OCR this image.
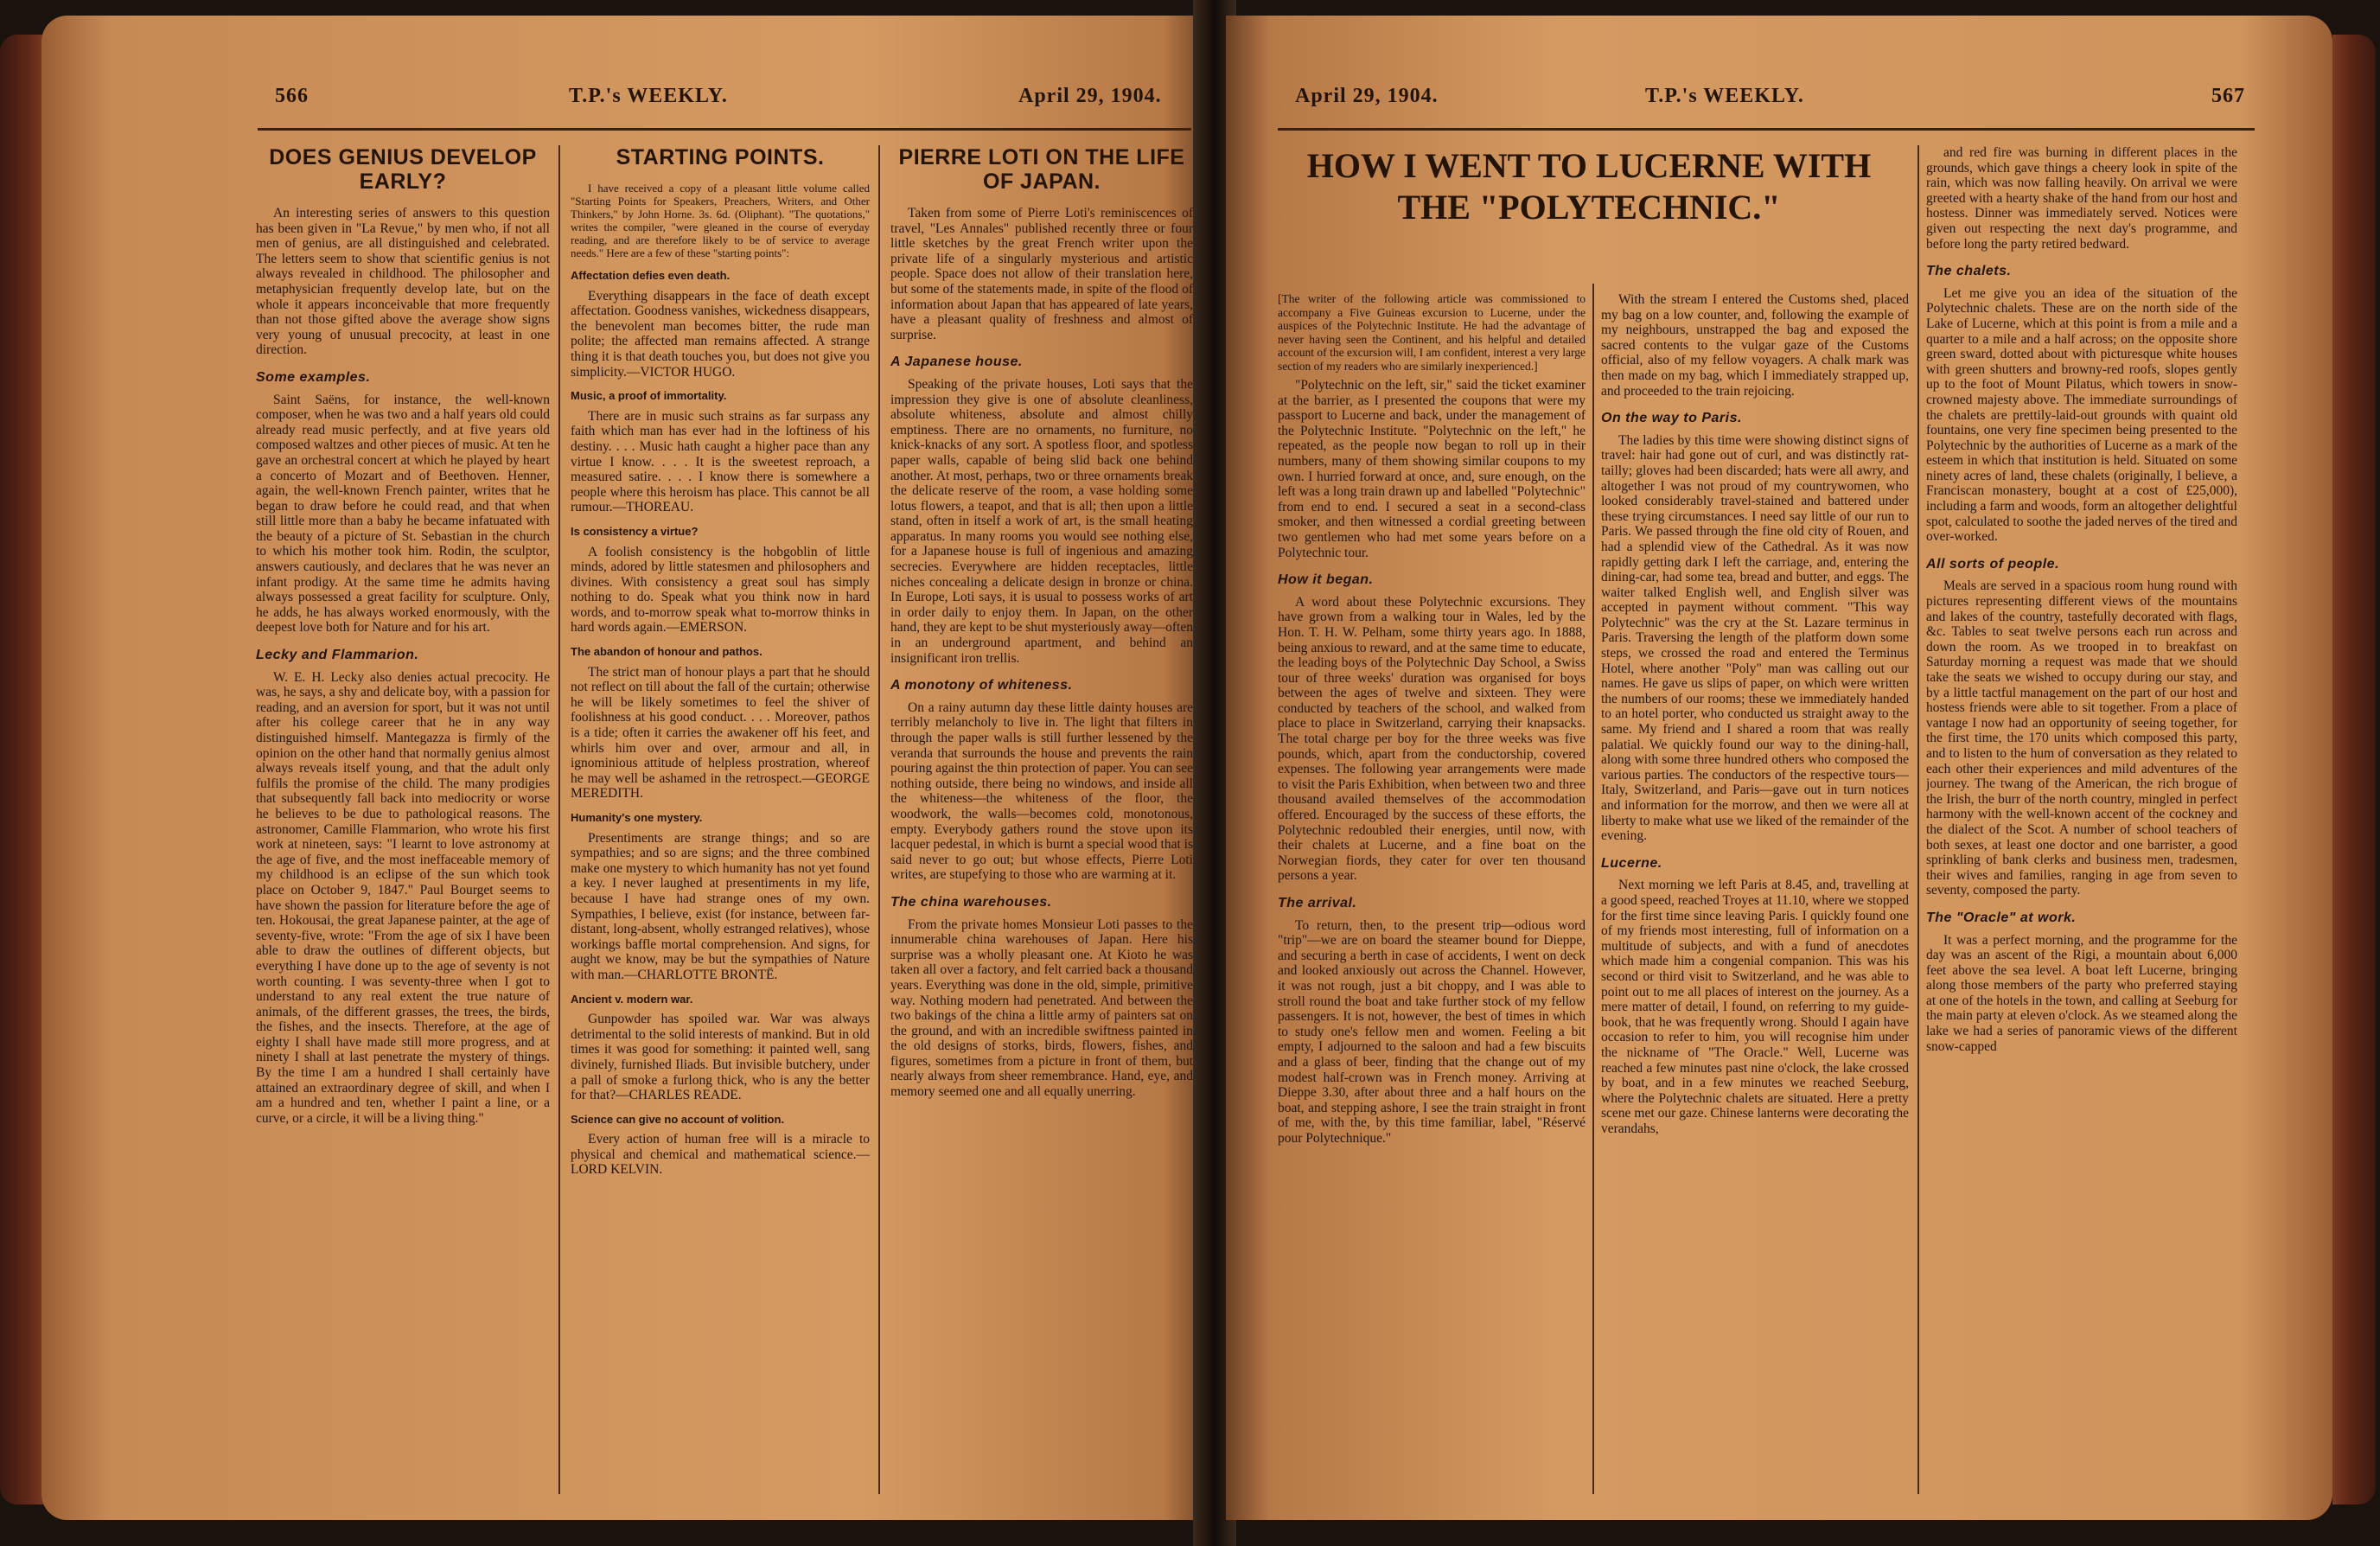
566	T.P.'s WEEKLY.	April 29, 1904.
DOES GENIUS DEVELOP EARLY?

An interesting series of answers to this question has been given in "La Revue," by men who, if not all men of genius, are all distinguished and celebrated. The letters seem to show that scientific genius is not always revealed in childhood. The philosopher and metaphysician frequently develop late, but on the whole it appears inconceivable that more frequently than not those gifted above the average show signs very young of unusual precocity, at least in one direction.

Some examples.

Saint Saëns, for instance, the well-known composer, when he was two and a half years old could already read music perfectly, and at five years old composed waltzes and other pieces of music. At ten he gave an orchestral concert at which he played by heart a concerto of Mozart and of Beethoven. Henner, again, the well-known French painter, writes that he began to draw before he could read, and that when still little more than a baby he became infatuated with the beauty of a picture of St. Sebastian in the church to which his mother took him. Rodin, the sculptor, answers cautiously, and declares that he was never an infant prodigy. At the same time he admits having always possessed a great facility for sculpture. Only, he adds, he has always worked enormously, with the deepest love both for Nature and for his art.

Lecky and Flammarion.

W. E. H. Lecky also denies actual precocity. He was, he says, a shy and delicate boy, with a passion for reading, and an aversion for sport, but it was not until after his college career that he in any way distinguished himself. Mantegazza is firmly of the opinion on the other hand that normally genius almost always reveals itself young, and that the adult only fulfils the promise of the child. The many prodigies that subsequently fall back into mediocrity or worse he believes to be due to pathological reasons. The astronomer, Camille Flammarion, who wrote his first work at nineteen, says: "I learnt to love astronomy at the age of five, and the most ineffaceable memory of my childhood is an eclipse of the sun which took place on October 9, 1847." Paul Bourget seems to have shown the passion for literature before the age of ten. Hokousai, the great Japanese painter, at the age of seventy-five, wrote: "From the age of six I have been able to draw the outlines of different objects, but everything I have done up to the age of seventy is not worth counting. I was seventy-three when I got to understand to any real extent the true nature of animals, of the different grasses, the trees, the birds, the fishes, and the insects. Therefore, at the age of eighty I shall have made still more progress, and at ninety I shall at last penetrate the mystery of things. By the time I am a hundred I shall certainly have attained an extraordinary degree of skill, and when I am a hundred and ten, whether I paint a line, or a curve, or a circle, it will be a living thing."

STARTING POINTS.

I have received a copy of a pleasant little volume called "Starting Points for Speakers, Preachers, Writers, and Other Thinkers," by John Horne. 3s. 6d. (Oliphant). "The quotations," writes the compiler, "were gleaned in the course of everyday reading, and are therefore likely to be of service to average needs." Here are a few of these "starting points":

Affectation defies even death.

Everything disappears in the face of death except affectation. Goodness vanishes, wickedness disappears, the benevolent man becomes bitter, the rude man polite; the affected man remains affected. A strange thing it is that death touches you, but does not give you simplicity.—VICTOR HUGO.

Music, a proof of immortality.

There are in music such strains as far surpass any faith which man has ever had in the loftiness of his destiny. . . . Music hath caught a higher pace than any virtue I know. . . . It is the sweetest reproach, a measured satire. . . . I know there is somewhere a people where this heroism has place. This cannot be all rumour.—THOREAU.

Is consistency a virtue?

A foolish consistency is the hobgoblin of little minds, adored by little statesmen and philosophers and divines. With consistency a great soul has simply nothing to do. Speak what you think now in hard words, and to-morrow speak what to-morrow thinks in hard words again.—EMERSON.

The abandon of honour and pathos.

The strict man of honour plays a part that he should not reflect on till about the fall of the curtain; otherwise he will be likely sometimes to feel the shiver of foolishness at his good conduct. . . . Moreover, pathos is a tide; often it carries the awakener off his feet, and whirls him over and over, armour and all, in ignominious attitude of helpless prostration, whereof he may well be ashamed in the retrospect.—GEORGE MEREDITH.

Humanity's one mystery.

Presentiments are strange things; and so are sympathies; and so are signs; and the three combined make one mystery to which humanity has not yet found a key. I never laughed at presentiments in my life, because I have had strange ones of my own. Sympathies, I believe, exist (for instance, between far-distant, long-absent, wholly estranged relatives), whose workings baffle mortal comprehension. And signs, for aught we know, may be but the sympathies of Nature with man.—CHARLOTTE BRONTË.

Ancient v. modern war.

Gunpowder has spoiled war. War was always detrimental to the solid interests of mankind. But in old times it was good for something: it painted well, sang divinely, furnished Iliads. But invisible butchery, under a pall of smoke a furlong thick, who is any the better for that?—CHARLES READE.

Science can give no account of volition.

Every action of human free will is a miracle to physical and chemical and mathematical science.—LORD KELVIN.

PIERRE LOTI ON THE LIFE OF JAPAN.

Taken from some of Pierre Loti's reminiscences of travel, "Les Annales" published recently three or four little sketches by the great French writer upon the private life of a singularly mysterious and artistic people. Space does not allow of their translation here, but some of the statements made, in spite of the flood of information about Japan that has appeared of late years, have a pleasant quality of freshness and almost of surprise.

A Japanese house.

Speaking of the private houses, Loti says that the impression they give is one of absolute cleanliness, absolute whiteness, absolute and almost chilly emptiness. There are no ornaments, no furniture, no knick-knacks of any sort. A spotless floor, and spotless paper walls, capable of being slid back one behind another. At most, perhaps, two or three ornaments break the delicate reserve of the room, a vase holding some lotus flowers, a teapot, and that is all; then upon a little stand, often in itself a work of art, is the small heating apparatus. In many rooms you would see nothing else, for a Japanese house is full of ingenious and amazing secrecies. Everywhere are hidden receptacles, little niches concealing a delicate design in bronze or china. In Europe, Loti says, it is usual to possess works of art in order daily to enjoy them. In Japan, on the other hand, they are kept to be shut mysteriously away—often in an underground apartment, and behind an insignificant iron trellis.

A monotony of whiteness.

On a rainy autumn day these little dainty houses are terribly melancholy to live in. The light that filters in through the paper walls is still further lessened by the veranda that surrounds the house and prevents the rain pouring against the thin protection of paper. You can see nothing outside, there being no windows, and inside all the whiteness—the whiteness of the floor, the woodwork, the walls—becomes cold, monotonous, empty. Everybody gathers round the stove upon its lacquer pedestal, in which is burnt a special wood that is said never to go out; but whose effects, Pierre Loti writes, are stupefying to those who are warming at it.

The china warehouses.

From the private homes Monsieur Loti passes to the innumerable china warehouses of Japan. Here his surprise was a wholly pleasant one. At Kioto he was taken all over a factory, and felt carried back a thousand years. Everything was done in the old, simple, primitive way. Nothing modern had penetrated. And between the two bakings of the china a little army of painters sat on the ground, and with an incredible swiftness painted in the old designs of storks, birds, flowers, fishes, and figures, sometimes from a picture in front of them, but nearly always from sheer remembrance. Hand, eye, and memory seemed one and all equally unerring.

April 29, 1904.	T.P.'s WEEKLY.	567
HOW I WENT TO LUCERNE WITH THE "POLYTECHNIC."

[The writer of the following article was commissioned to accompany a Five Guineas excursion to Lucerne, under the auspices of the Polytechnic Institute. He had the advantage of never having seen the Continent, and his helpful and detailed account of the excursion will, I am confident, interest a very large section of my readers who are similarly inexperienced.]

"Polytechnic on the left, sir," said the ticket examiner at the barrier, as I presented the coupons that were my passport to Lucerne and back, under the management of the Polytechnic Institute. "Polytechnic on the left," he repeated, as the people now began to roll up in their numbers, many of them showing similar coupons to my own. I hurried forward at once, and, sure enough, on the left was a long train drawn up and labelled "Polytechnic" from end to end. I secured a seat in a second-class smoker, and then witnessed a cordial greeting between two gentlemen who had met some years before on a Polytechnic tour.

How it began.

A word about these Polytechnic excursions. They have grown from a walking tour in Wales, led by the Hon. T. H. W. Pelham, some thirty years ago. In 1888, being anxious to reward, and at the same time to educate, the leading boys of the Polytechnic Day School, a Swiss tour of three weeks' duration was organised for boys between the ages of twelve and sixteen. They were conducted by teachers of the school, and walked from place to place in Switzerland, carrying their knapsacks. The total charge per boy for the three weeks was five pounds, which, apart from the conductorship, covered expenses. The following year arrangements were made to visit the Paris Exhibition, when between two and three thousand availed themselves of the accommodation offered. Encouraged by the success of these efforts, the Polytechnic redoubled their energies, until now, with their chalets at Lucerne, and a fine boat on the Norwegian fiords, they cater for over ten thousand persons a year.

The arrival.

To return, then, to the present trip—odious word "trip"—we are on board the steamer bound for Dieppe, and securing a berth in case of accidents, I went on deck and looked anxiously out across the Channel. However, it was not rough, just a bit choppy, and I was able to stroll round the boat and take further stock of my fellow passengers. It is not, however, the best of times in which to study one's fellow men and women. Feeling a bit empty, I adjourned to the saloon and had a few biscuits and a glass of beer, finding that the change out of my modest half-crown was in French money. Arriving at Dieppe 3.30, after about three and a half hours on the boat, and stepping ashore, I see the train straight in front of me, with the, by this time familiar, label, "Réservé pour Polytechnique."

With the stream I entered the Customs shed, placed my bag on a low counter, and, following the example of my neighbours, unstrapped the bag and exposed the sacred contents to the vulgar gaze of the Customs official, also of my fellow voyagers. A chalk mark was then made on my bag, which I immediately strapped up, and proceeded to the train rejoicing.

On the way to Paris.

The ladies by this time were showing distinct signs of travel: hair had gone out of curl, and was distinctly rat-tailly; gloves had been discarded; hats were all awry, and altogether I was not proud of my countrywomen, who looked considerably travel-stained and battered under these trying circumstances. I need say little of our run to Paris. We passed through the fine old city of Rouen, and had a splendid view of the Cathedral. As it was now rapidly getting dark I left the carriage, and, entering the dining-car, had some tea, bread and butter, and eggs. The waiter talked English well, and English silver was accepted in payment without comment. "This way Polytechnic" was the cry at the St. Lazare terminus in Paris. Traversing the length of the platform down some steps, we crossed the road and entered the Terminus Hotel, where another "Poly" man was calling out our names. He gave us slips of paper, on which were written the numbers of our rooms; these we immediately handed to an hotel porter, who conducted us straight away to the same. My friend and I shared a room that was really palatial. We quickly found our way to the dining-hall, along with some three hundred others who composed the various parties. The conductors of the respective tours—Italy, Switzerland, and Paris—gave out in turn notices and information for the morrow, and then we were all at liberty to make what use we liked of the remainder of the evening.

Lucerne.

Next morning we left Paris at 8.45, and, travelling at a good speed, reached Troyes at 11.10, where we stopped for the first time since leaving Paris. I quickly found one of my friends most interesting, full of information on a multitude of subjects, and with a fund of anecdotes which made him a congenial companion. This was his second or third visit to Switzerland, and he was able to point out to me all places of interest on the journey. As a mere matter of detail, I found, on referring to my guide-book, that he was frequently wrong. Should I again have occasion to refer to him, you will recognise him under the nickname of "The Oracle." Well, Lucerne was reached a few minutes past nine o'clock, the lake crossed by boat, and in a few minutes we reached Seeburg, where the Polytechnic chalets are situated. Here a pretty scene met our gaze. Chinese lanterns were decorating the verandahs,

and red fire was burning in different places in the grounds, which gave things a cheery look in spite of the rain, which was now falling heavily. On arrival we were greeted with a hearty shake of the hand from our host and hostess. Dinner was immediately served. Notices were given out respecting the next day's programme, and before long the party retired bedward.

The chalets.

Let me give you an idea of the situation of the Polytechnic chalets. These are on the north side of the Lake of Lucerne, which at this point is from a mile and a quarter to a mile and a half across; on the opposite shore green sward, dotted about with picturesque white houses with green shutters and browny-red roofs, slopes gently up to the foot of Mount Pilatus, which towers in snow-crowned majesty above. The immediate surroundings of the chalets are prettily-laid-out grounds with quaint old fountains, one very fine specimen being presented to the Polytechnic by the authorities of Lucerne as a mark of the esteem in which that institution is held. Situated on some ninety acres of land, these chalets (originally, I believe, a Franciscan monastery, bought at a cost of £25,000), including a farm and woods, form an altogether delightful spot, calculated to soothe the jaded nerves of the tired and over-worked.

All sorts of people.

Meals are served in a spacious room hung round with pictures representing different views of the mountains and lakes of the country, tastefully decorated with flags, &c. Tables to seat twelve persons each run across and down the room. As we trooped in to breakfast on Saturday morning a request was made that we should take the seats we wished to occupy during our stay, and by a little tactful management on the part of our host and hostess friends were able to sit together. From a place of vantage I now had an opportunity of seeing together, for the first time, the 170 units which composed this party, and to listen to the hum of conversation as they related to each other their experiences and mild adventures of the journey. The twang of the American, the rich brogue of the Irish, the burr of the north country, mingled in perfect harmony with the well-known accent of the cockney and the dialect of the Scot. A number of school teachers of both sexes, at least one doctor and one barrister, a good sprinkling of bank clerks and business men, tradesmen, their wives and families, ranging in age from seven to seventy, composed the party.

The "Oracle" at work.

It was a perfect morning, and the programme for the day was an ascent of the Rigi, a mountain about 6,000 feet above the sea level. A boat left Lucerne, bringing along those members of the party who preferred staying at one of the hotels in the town, and calling at Seeburg for the main party at eleven o'clock. As we steamed along the lake we had a series of panoramic views of the different snow-capped
